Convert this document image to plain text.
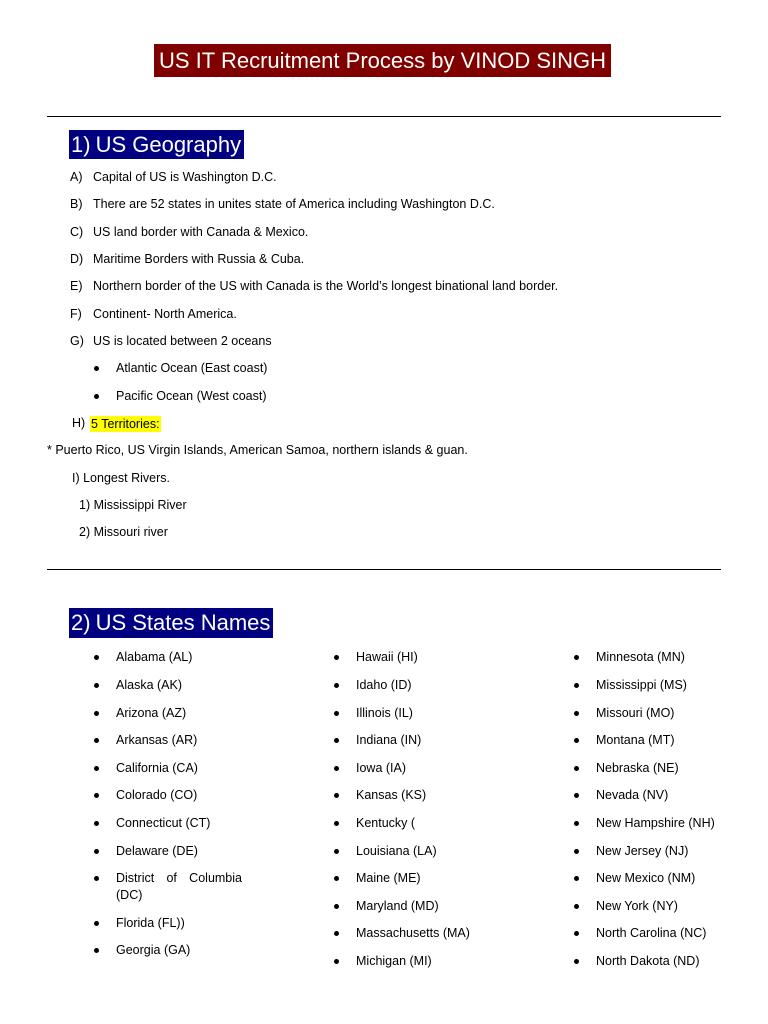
US IT Recruitment Process by VINOD SINGH
1) US Geography
A) Capital of US is Washington D.C.
B) There are 52 states in unites state of America including Washington D.C.
C) US land border with Canada & Mexico.
D) Maritime Borders with Russia & Cuba.
E) Northern border of the US with Canada is the World’s longest binational land border.
F) Continent- North America.
G) US is located between 2 oceans
Atlantic Ocean (East coast)
Pacific Ocean (West coast)
H) 5 Territories:
* Puerto Rico, US Virgin Islands, American Samoa, northern islands & guan.
I) Longest Rivers.
1) Mississippi River
2) Missouri river
2) US States Names
Alabama (AL)
Alaska (AK)
Arizona (AZ)
Arkansas (AR)
California (CA)
Colorado (CO)
Connecticut (CT)
Delaware (DE)
District of Columbia (DC)
Florida (FL))
Georgia (GA)
Hawaii (HI)
Idaho (ID)
Illinois (IL)
Indiana (IN)
Iowa (IA)
Kansas (KS)
Kentucky (
Louisiana (LA)
Maine (ME)
Maryland (MD)
Massachusetts (MA)
Michigan (MI)
Minnesota (MN)
Mississippi (MS)
Missouri (MO)
Montana (MT)
Nebraska (NE)
Nevada (NV)
New Hampshire (NH)
New Jersey (NJ)
New Mexico (NM)
New York (NY)
North Carolina (NC)
North Dakota (ND)
